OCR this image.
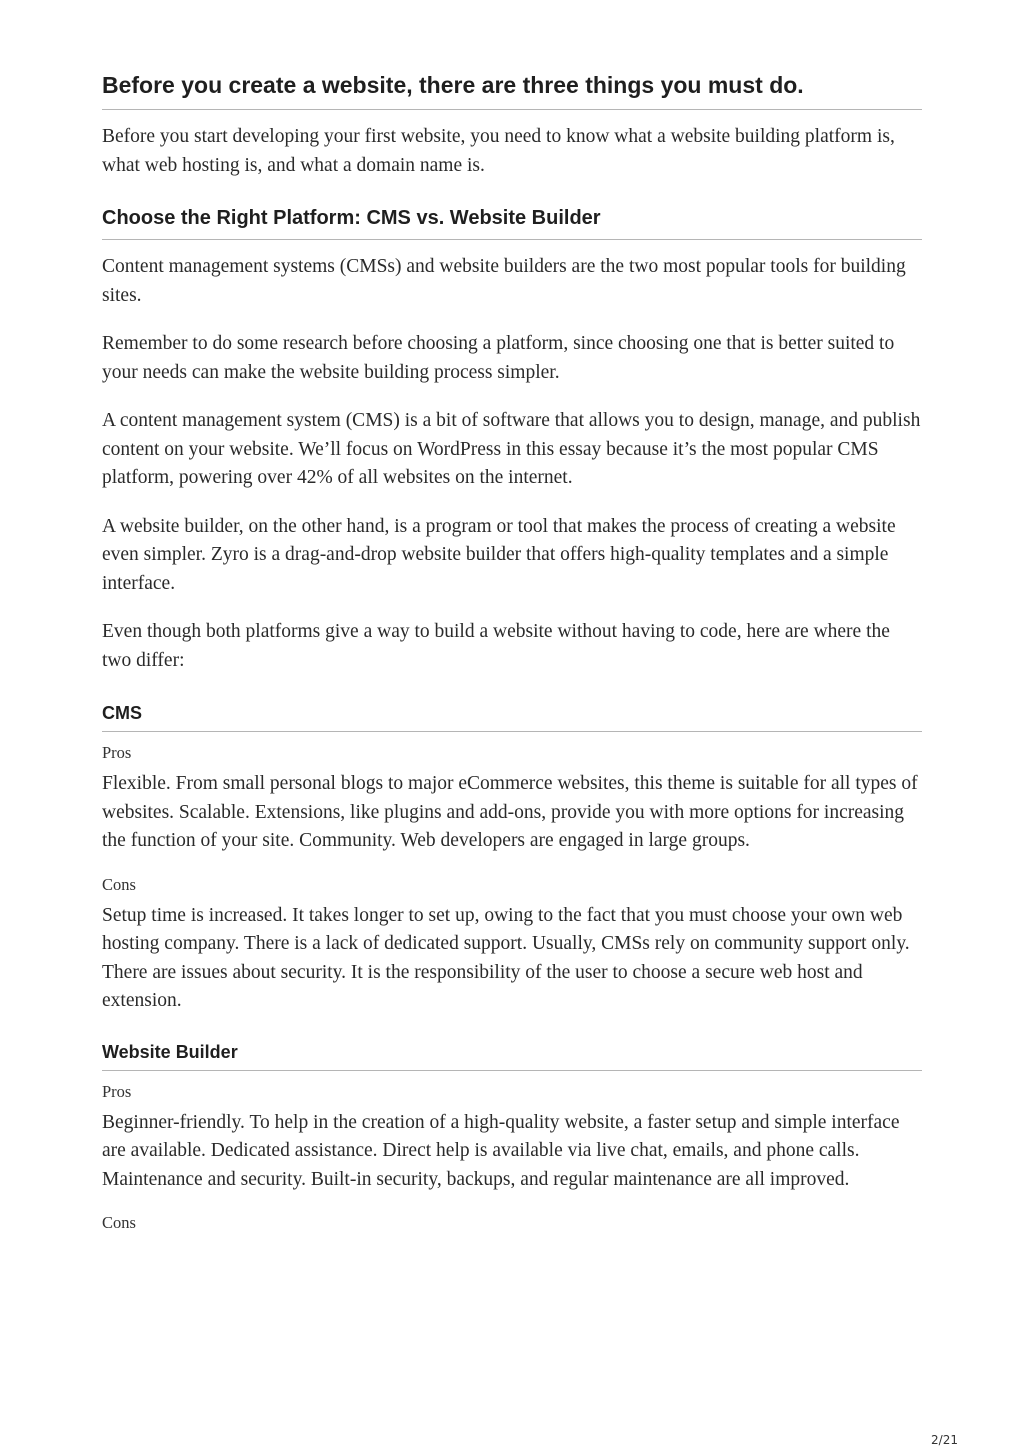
Before you create a website, there are three things you must do.

Before you start developing your first website, you need to know what a website building platform is, what web hosting is, and what a domain name is.

Choose the Right Platform: CMS vs. Website Builder

Content management systems (CMSs) and website builders are the two most popular tools for building sites.

Remember to do some research before choosing a platform, since choosing one that is better suited to your needs can make the website building process simpler.

A content management system (CMS) is a bit of software that allows you to design, manage, and publish content on your website. We’ll focus on WordPress in this essay because it’s the most popular CMS platform, powering over 42% of all websites on the internet.

A website builder, on the other hand, is a program or tool that makes the process of creating a website even simpler. Zyro is a drag-and-drop website builder that offers high-quality templates and a simple interface.

Even though both platforms give a way to build a website without having to code, here are where the two differ:

CMS

Pros

Flexible. From small personal blogs to major eCommerce websites, this theme is suitable for all types of websites. Scalable. Extensions, like plugins and add-ons, provide you with more options for increasing the function of your site. Community. Web developers are engaged in large groups.

Cons

Setup time is increased. It takes longer to set up, owing to the fact that you must choose your own web hosting company. There is a lack of dedicated support. Usually, CMSs rely on community support only. There are issues about security. It is the responsibility of the user to choose a secure web host and extension.

Website Builder

Pros

Beginner-friendly. To help in the creation of a high-quality website, a faster setup and simple interface are available. Dedicated assistance. Direct help is available via live chat, emails, and phone calls. Maintenance and security. Built-in security, backups, and regular maintenance are all improved.

Cons

2/21
